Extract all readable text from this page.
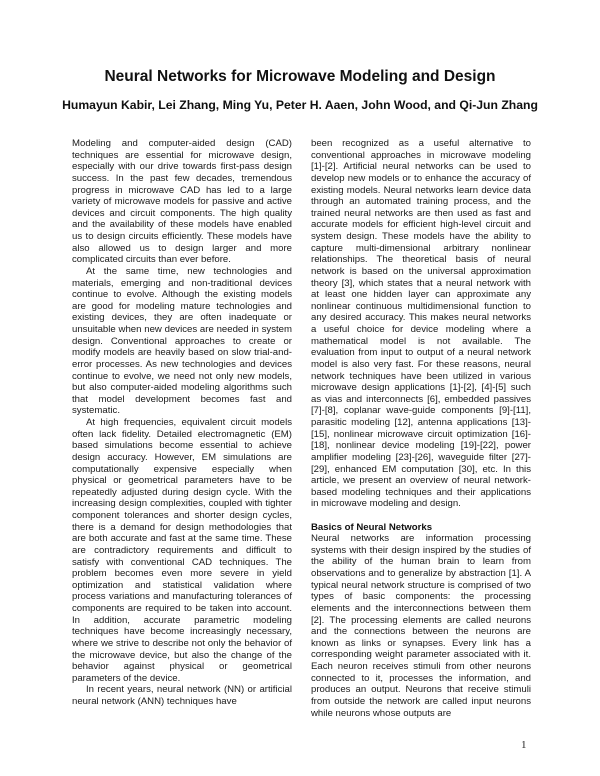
Neural Networks for Microwave Modeling and Design

Humayun Kabir, Lei Zhang, Ming Yu, Peter H. Aaen, John Wood, and Qi-Jun Zhang

Modeling and computer-aided design (CAD) techniques are essential for microwave design, especially with our drive towards first-pass design success. In the past few decades, tremendous progress in microwave CAD has led to a large variety of microwave models for passive and active devices and circuit components. The high quality and the availability of these models have enabled us to design circuits efficiently. These models have also allowed us to design larger and more complicated circuits than ever before.

At the same time, new technologies and materials, emerging and non-traditional devices continue to evolve. Although the existing models are good for modeling mature technologies and existing devices, they are often inadequate or unsuitable when new devices are needed in system design. Conventional approaches to create or modify models are heavily based on slow trial-and-error processes. As new technologies and devices continue to evolve, we need not only new models, but also computer-aided modeling algorithms such that model development becomes fast and systematic.

At high frequencies, equivalent circuit models often lack fidelity. Detailed electromagnetic (EM) based simulations become essential to achieve design accuracy. However, EM simulations are computationally expensive especially when physical or geometrical parameters have to be repeatedly adjusted during design cycle. With the increasing design complexities, coupled with tighter component tolerances and shorter design cycles, there is a demand for design methodologies that are both accurate and fast at the same time. These are contradictory requirements and difficult to satisfy with conventional CAD techniques. The problem becomes even more severe in yield optimization and statistical validation where process variations and manufacturing tolerances of components are required to be taken into account. In addition, accurate parametric modeling techniques have become increasingly necessary, where we strive to describe not only the behavior of the microwave device, but also the change of the behavior against physical or geometrical parameters of the device.

In recent years, neural network (NN) or artificial neural network (ANN) techniques have

been recognized as a useful alternative to conventional approaches in microwave modeling [1]-[2]. Artificial neural networks can be used to develop new models or to enhance the accuracy of existing models. Neural networks learn device data through an automated training process, and the trained neural networks are then used as fast and accurate models for efficient high-level circuit and system design. These models have the ability to capture multi-dimensional arbitrary nonlinear relationships. The theoretical basis of neural network is based on the universal approximation theory [3], which states that a neural network with at least one hidden layer can approximate any nonlinear continuous multidimensional function to any desired accuracy. This makes neural networks a useful choice for device modeling where a mathematical model is not available. The evaluation from input to output of a neural network model is also very fast. For these reasons, neural network techniques have been utilized in various microwave design applications [1]-[2], [4]-[5] such as vias and interconnects [6], embedded passives [7]-[8], coplanar wave-guide components [9]-[11], parasitic modeling [12], antenna applications [13]-[15], nonlinear microwave circuit optimization [16]-[18], nonlinear device modeling [19]-[22], power amplifier modeling [23]-[26], waveguide filter [27]-[29], enhanced EM computation [30], etc. In this article, we present an overview of neural network-based modeling techniques and their applications in microwave modeling and design.

Basics of Neural Networks

Neural networks are information processing systems with their design inspired by the studies of the ability of the human brain to learn from observations and to generalize by abstraction [1]. A typical neural network structure is comprised of two types of basic components: the processing elements and the interconnections between them [2]. The processing elements are called neurons and the connections between the neurons are known as links or synapses. Every link has a corresponding weight parameter associated with it. Each neuron receives stimuli from other neurons connected to it, processes the information, and produces an output. Neurons that receive stimuli from outside the network are called input neurons while neurons whose outputs are

1
